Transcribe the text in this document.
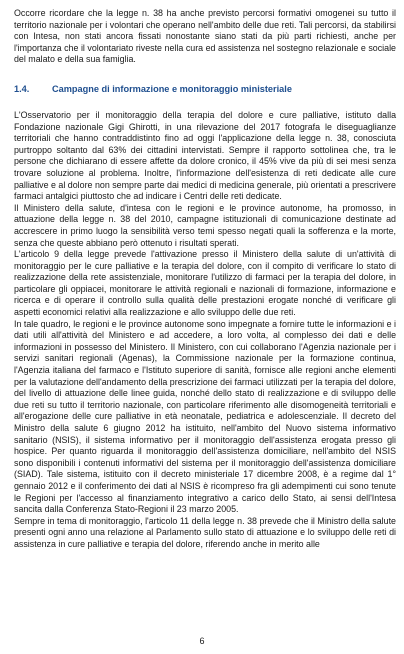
Occorre ricordare che la legge n. 38 ha anche previsto percorsi formativi omogenei su tutto il territorio nazionale per i volontari che operano nell'ambito delle due reti. Tali percorsi, da stabilirsi con Intesa, non stati ancora fissati nonostante siano stati da più parti richiesti, anche per l'importanza che il volontariato riveste nella cura ed assistenza nel sostegno relazionale e sociale del malato e della sua famiglia.

1.4.	Campagne di informazione e monitoraggio ministeriale

L'Osservatorio per il monitoraggio della terapia del dolore e cure palliative, istituto dalla Fondazione nazionale Gigi Ghirotti, in una rilevazione del 2017 fotografa le diseguaglianze territoriali che hanno contraddistinto fino ad oggi l'applicazione della legge n. 38, conosciuta purtroppo soltanto dal 63% dei cittadini intervistati. Sempre il rapporto sottolinea che, tra le persone che dichiarano di essere affette da dolore cronico, il 45% vive da più di sei mesi senza trovare soluzione al problema. Inoltre, l'informazione dell'esistenza di reti dedicate alle cure palliative e al dolore non sempre parte dai medici di medicina generale, più orientati a prescrivere farmaci antalgici piuttosto che ad indicare i Centri delle reti dedicate.

Il Ministero della salute, d'intesa con le regioni e le province autonome, ha promosso, in attuazione della legge n. 38 del 2010, campagne istituzionali di comunicazione destinate ad accrescere in primo luogo la sensibilità verso temi spesso negati quali la sofferenza e la morte, senza che queste abbiano però ottenuto i risultati sperati.

L'articolo 9 della legge prevede l'attivazione presso il Ministero della salute di un'attività di monitoraggio per le cure palliative e la terapia del dolore, con il compito di verificare lo stato di realizzazione della rete assistenziale, monitorare l'utilizzo di farmaci per la terapia del dolore, in particolare gli oppiacei, monitorare le attività regionali e nazionali di formazione, informazione e ricerca e di operare il controllo sulla qualità delle prestazioni erogate nonché di verificare gli aspetti economici relativi alla realizzazione e allo sviluppo delle due reti.

In tale quadro, le regioni e le province autonome sono impegnate a fornire tutte le informazioni e i dati utili all'attività del Ministero e ad accedere, a loro volta, al complesso dei dati e delle informazioni in possesso del Ministero. Il Ministero, con cui collaborano l'Agenzia nazionale per i servizi sanitari regionali (Agenas), la Commissione nazionale per la formazione continua, l'Agenzia italiana del farmaco e l'Istituto superiore di sanità, fornisce alle regioni anche elementi per la valutazione dell'andamento della prescrizione dei farmaci utilizzati per la terapia del dolore, del livello di attuazione delle linee guida, nonché dello stato di realizzazione e di sviluppo delle due reti su tutto il territorio nazionale, con particolare riferimento alle disomogeneità territoriali e all'erogazione delle cure palliative in età neonatale, pediatrica e adolescenziale. Il decreto del Ministro della salute 6 giugno 2012 ha istituito, nell'ambito del Nuovo sistema informativo sanitario (NSIS), il sistema informativo per il monitoraggio dell'assistenza erogata presso gli hospice. Per quanto riguarda il monitoraggio dell'assistenza domiciliare, nell'ambito del NSIS sono disponibili i contenuti informativi del sistema per il monitoraggio dell'assistenza domiciliare (SIAD). Tale sistema, istituito con il decreto ministeriale 17 dicembre 2008, è a regime dal 1° gennaio 2012 e il conferimento dei dati al NSIS è ricompreso fra gli adempimenti cui sono tenute le Regioni per l'accesso al finanziamento integrativo a carico dello Stato, ai sensi dell'Intesa sancita dalla Conferenza Stato-Regioni il 23 marzo 2005.

Sempre in tema di monitoraggio, l'articolo 11 della legge n. 38 prevede che il Ministro della salute presenti ogni anno una relazione al Parlamento sullo stato di attuazione e lo sviluppo delle reti di assistenza in cure palliative e terapia del dolore, riferendo anche in merito alle

6
